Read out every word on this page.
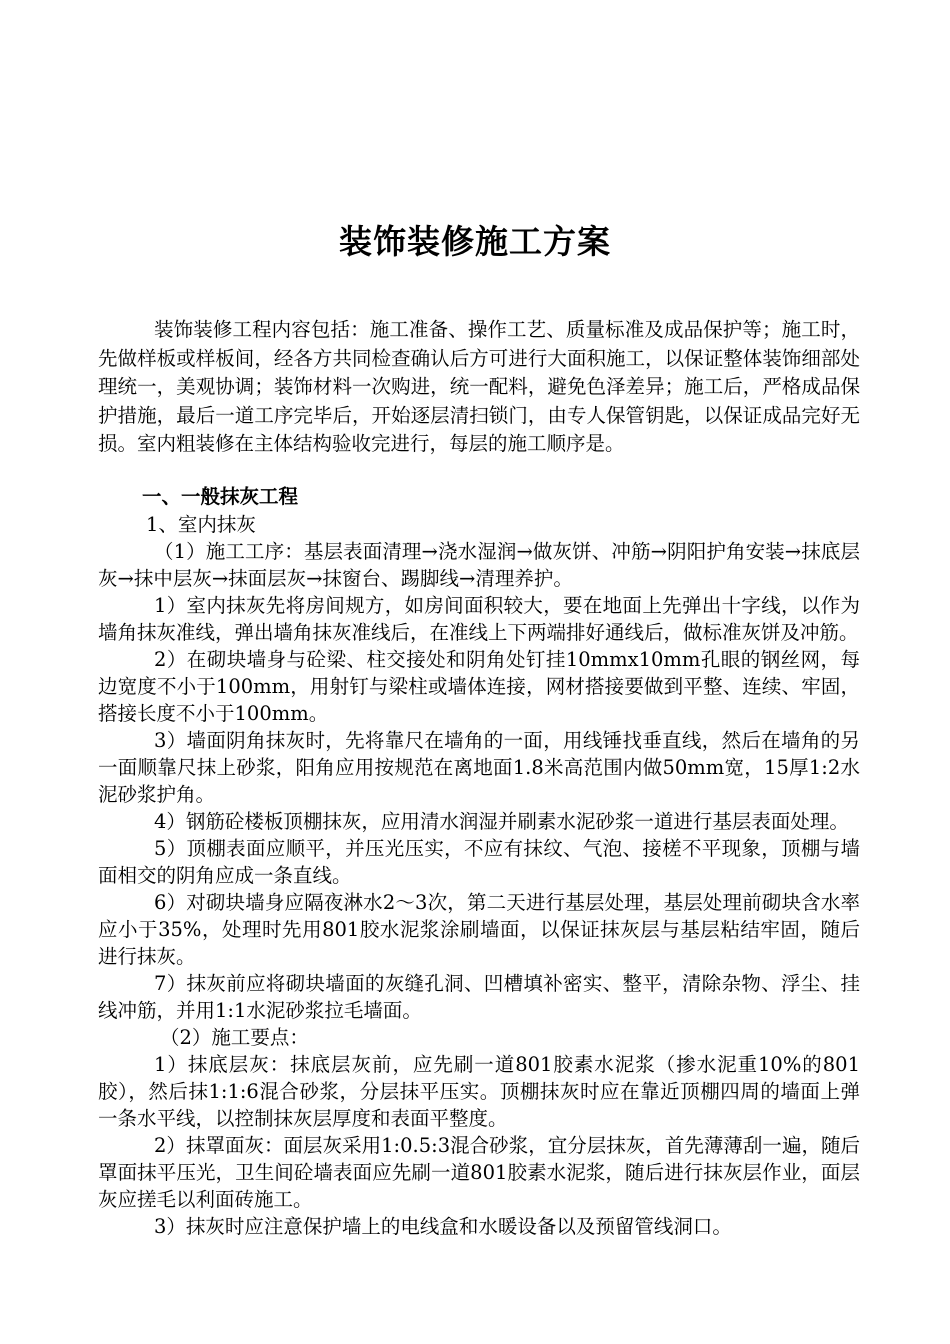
装饰装修施工方案

装饰装修工程内容包括：施工准备、操作工艺、质量标准及成品保护等；施工时，先做样板或样板间，经各方共同检查确认后方可进行大面积施工，以保证整体装饰细部处理统一，美观协调；装饰材料一次购进，统一配料，避免色泽差异；施工后，严格成品保护措施，最后一道工序完毕后，开始逐层清扫锁门，由专人保管钥匙，以保证成品完好无损。室内粗装修在主体结构验收完进行，每层的施工顺序是。

一、一般抹灰工程

1、室内抹灰

（1）施工工序：基层表面清理→浇水湿润→做灰饼、冲筋→阴阳护角安装→抹底层灰→抹中层灰→抹面层灰→抹窗台、踢脚线→清理养护。

1）室内抹灰先将房间规方，如房间面积较大，要在地面上先弹出十字线，以作为墙角抹灰准线，弹出墙角抹灰准线后，在准线上下两端排好通线后，做标准灰饼及冲筋。

2）在砌块墙身与砼梁、柱交接处和阴角处钉挂10mmx10mm孔眼的钢丝网，每边宽度不小于100mm，用射钉与梁柱或墙体连接，网材搭接要做到平整、连续、牢固，搭接长度不小于100mm。

3）墙面阴角抹灰时，先将靠尺在墙角的一面，用线锤找垂直线，然后在墙角的另一面顺靠尺抹上砂浆，阳角应用按规范在离地面1.8米高范围内做50mm宽，15厚1:2水泥砂浆护角。

4）钢筋砼楼板顶棚抹灰，应用清水润湿并刷素水泥砂浆一道进行基层表面处理。

5）顶棚表面应顺平，并压光压实，不应有抹纹、气泡、接槎不平现象，顶棚与墙面相交的阴角应成一条直线。

6）对砌块墙身应隔夜淋水2～3次，第二天进行基层处理，基层处理前砌块含水率应小于35%，处理时先用801胶水泥浆涂刷墙面，以保证抹灰层与基层粘结牢固，随后进行抹灰。

7）抹灰前应将砌块墙面的灰缝孔洞、凹槽填补密实、整平，清除杂物、浮尘、挂线冲筋，并用1:1水泥砂浆拉毛墙面。

（2）施工要点：

1）抹底层灰：抹底层灰前，应先刷一道801胶素水泥浆（掺水泥重10%的801胶），然后抹1:1:6混合砂浆，分层抹平压实。顶棚抹灰时应在靠近顶棚四周的墙面上弹一条水平线，以控制抹灰层厚度和表面平整度。

2）抹罩面灰：面层灰采用1:0.5:3混合砂浆，宜分层抹灰，首先薄薄刮一遍，随后罩面抹平压光，卫生间砼墙表面应先刷一道801胶素水泥浆，随后进行抹灰层作业，面层灰应搓毛以利面砖施工。

3）抹灰时应注意保护墙上的电线盒和水暖设备以及预留管线洞口。
